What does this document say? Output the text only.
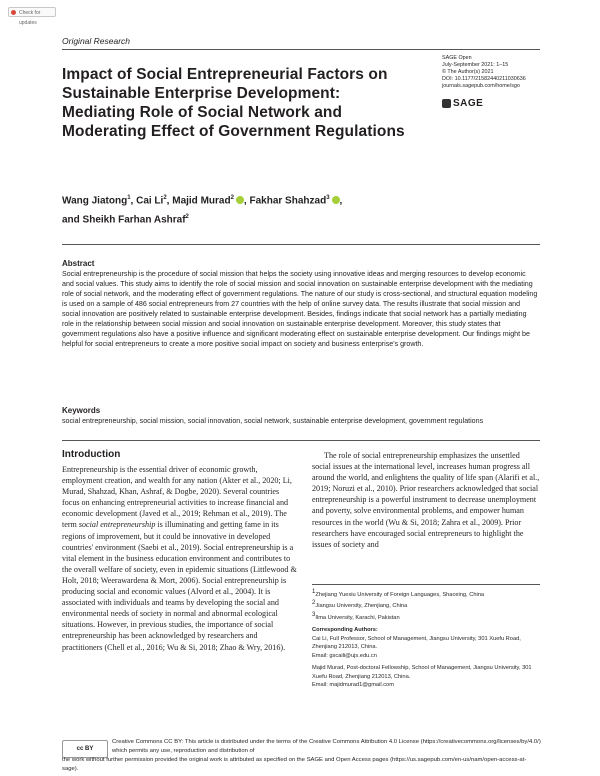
Check for updates
Original Research
Impact of Social Entrepreneurial Factors on Sustainable Enterprise Development: Mediating Role of Social Network and Moderating Effect of Government Regulations
SAGE Open
July-September 2021: 1–15
© The Author(s) 2021
DOI: 10.1177/21582440211030636
journals.sagepub.com/home/sgo
SAGE
Wang Jiatong$^1$, Cai Li$^2$, Majid Murad$^2$ , Fakhar Shahzad$^3$ ,
and Sheikh Farhan Ashraf$^2$
Abstract
Social entrepreneurship is the procedure of social mission that helps the society using innovative ideas and merging resources to develop economic and social values. This study aims to identify the role of social mission and social innovation on sustainable enterprise development with the mediating role of social network, and the moderating effect of government regulations. The nature of our study is cross-sectional, and structural equation modeling is used on a sample of 486 social entrepreneurs from 27 countries with the help of online survey data. The results illustrate that social mission and social innovation are positively related to sustainable enterprise development. Besides, findings indicate that social network has a partially mediating role in the relationship between social mission and social innovation on sustainable enterprise development. Moreover, this study states that government regulations also have a positive influence and significant moderating effect on sustainable enterprise development. Our findings might be helpful for social entrepreneurs to create a more positive social impact on society and business enterprise's growth.
Keywords
social entrepreneurship, social mission, social innovation, social network, sustainable enterprise development, government regulations
Introduction
Entrepreneurship is the essential driver of economic growth, employment creation, and wealth for any nation (Akter et al., 2020; Li, Murad, Shahzad, Khan, Ashraf, & Dogbe, 2020). Several countries focus on enhancing entrepreneurial activities to increase financial and economic development (Javed et al., 2019; Rehman et al., 2019). The term social entrepreneurship is illuminating and getting fame in its regions of improvement, but it could be innovative in developed countries' environment (Saebi et al., 2019). Social entrepreneurship is a vital element in the business education environment and contributes to the overall welfare of society, even in epidemic situations (Littlewood & Holt, 2018; Weerawardena & Mort, 2006). Social entrepreneurship is producing social and economic values (Alvord et al., 2004). It is associated with individuals and teams by developing the social and environmental needs of society in normal and abnormal ecological situations. However, in previous studies, the importance of social entrepreneurship has been acknowledged by researchers and practitioners (Chell et al., 2016; Wu & Si, 2018; Zhao & Wry, 2016).
The role of social entrepreneurship emphasizes the unsettled social issues at the international level, increases human progress all around the world, and enlightens the quality of life span (Alarifi et al., 2019; Noruzi et al., 2010). Prior researchers acknowledged that social entrepreneurship is a powerful instrument to decrease unemployment and poverty, solve environmental problems, and empower human resources in the world (Wu & Si, 2018; Zahra et al., 2009). Prior researchers have encouraged social entrepreneurs to highlight the issues of society and
$^1$Zhejiang Yuexiu University of Foreign Languages, Shaoxing, China
$^2$Jiangsu University, Zhenjiang, China
$^3$Ilma University, Karachi, Pakistan
Corresponding Authors:
Cai Li, Full Professor, School of Management, Jiangsu University, 301 Xuefu Road, Zhenjiang 212013, China.
Email: gscaili@ujs.edu.cn
Majid Murad, Post-doctoral Fellowship, School of Management, Jiangsu University, 301 Xuefu Road, Zhenjiang 212013, China.
Email: majidmurad1@gmail.com
cc BY
Creative Commons CC BY: This article is distributed under the terms of the Creative Commons Attribution 4.0 License (https://creativecommons.org/licenses/by/4.0/) which permits any use, reproduction and distribution of
the work without further permission provided the original work is attributed as specified on the SAGE and Open Access pages (https://us.sagepub.com/en-us/nam/open-access-at-sage).
